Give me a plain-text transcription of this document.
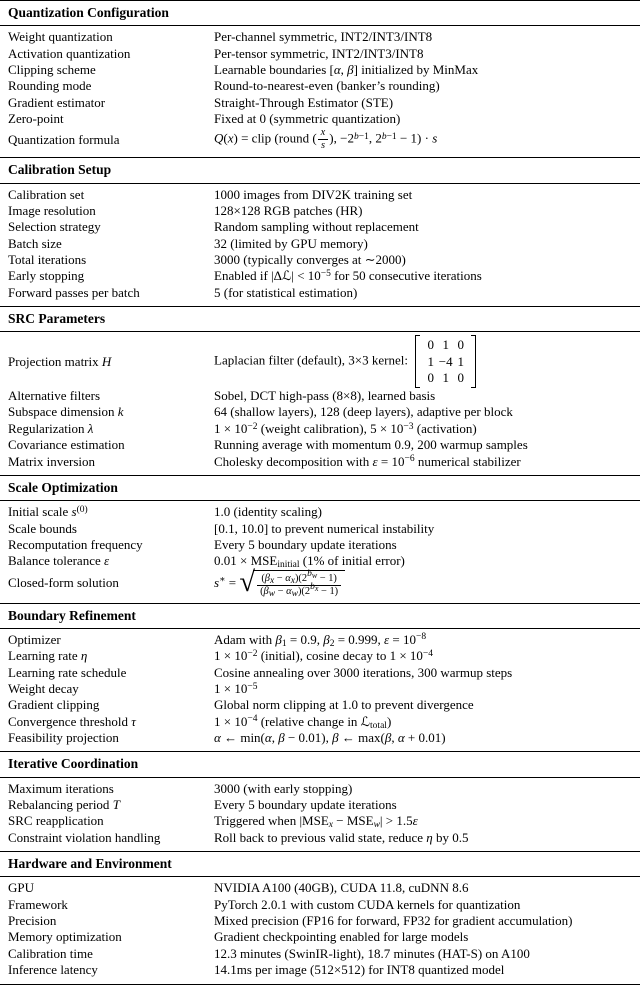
Quantization Configuration
Weight quantization	Per-channel symmetric, INT2/INT3/INT8
Activation quantization	Per-tensor symmetric, INT2/INT3/INT8
Clipping scheme	Learnable boundaries [α, β] initialized by MinMax
Rounding mode	Round-to-nearest-even (banker’s rounding)
Gradient estimator	Straight-Through Estimator (STE)
Zero-point	Fixed at 0 (symmetric quantization)
Quantization formula	Q(x) = clip (round ( $\frac{x}{s}$ ), $-2^{b-1}$, $2^{b-1} - 1) \cdot s$
Calibration Setup
Calibration set	1000 images from DIV2K training set
Image resolution	128×128 RGB patches (HR)
Selection strategy	Random sampling without replacement
Batch size	32 (limited by GPU memory)
Total iterations	3000 (typically converges at ∼2000)
Early stopping	Enabled if |Δℒ| < $10^{-5}$ for 50 consecutive iterations
Forward passes per batch	5 (for statistical estimation)
SRC Parameters
Projection matrix H	Laplacian filter (default), 3×3 kernel:
0 1 0
1 −4 1
0 1 0
Alternative filters	Sobel, DCT high-pass (8×8), learned basis
Subspace dimension k	64 (shallow layers), 128 (deep layers), adaptive per block
Regularization λ	$1 \times 10^{-2}$ (weight calibration), $5 \times 10^{-3}$ (activation)
Covariance estimation	Running average with momentum 0.9, 200 warmup samples
Matrix inversion	Cholesky decomposition with $\varepsilon = 10^{-6}$ numerical stabilizer
Scale Optimization
Initial scale $s^{(0)}$	1.0 (identity scaling)
Scale bounds	[0.1, 10.0] to prevent numerical instability
Recomputation frequency	Every 5 boundary update iterations
Balance tolerance ε	$0.01 \times MSE_{initial}$ (1% of initial error)
Closed-form solution	s∗ = √ $\frac{(\beta_x - \alpha_x)(2^{b_w} - 1)}{(\beta_w - \alpha_w)(2^{b_x} - 1)}$
Boundary Refinement
Optimizer	Adam with $\beta_1 = 0.9$, $\beta_2 = 0.999$, $\varepsilon = 10^{-8}$
Learning rate η	$1 \times 10^{-2}$ (initial), cosine decay to $1 \times 10^{-4}$
Learning rate schedule	Cosine annealing over 3000 iterations, 300 warmup steps
Weight decay	$1 \times 10^{-5}$
Gradient clipping	Global norm clipping at 1.0 to prevent divergence
Convergence threshold τ	$1 \times 10^{-4}$ (relative change in ℒ$_{total}$)
Feasibility projection	α ← min(α, β − 0.01), β ← max(β, α + 0.01)
Iterative Coordination
Maximum iterations	3000 (with early stopping)
Rebalancing period T	Every 5 boundary update iterations
SRC reapplication	Triggered when $|MSE_x - MSE_w| > 1.5\varepsilon$
Constraint violation handling	Roll back to previous valid state, reduce η by 0.5
Hardware and Environment
GPU	NVIDIA A100 (40GB), CUDA 11.8, cuDNN 8.6
Framework	PyTorch 2.0.1 with custom CUDA kernels for quantization
Precision	Mixed precision (FP16 for forward, FP32 for gradient accumulation)
Memory optimization	Gradient checkpointing enabled for large models
Calibration time	12.3 minutes (SwinIR-light), 18.7 minutes (HAT-S) on A100
Inference latency	14.1ms per image (512×512) for INT8 quantized model
